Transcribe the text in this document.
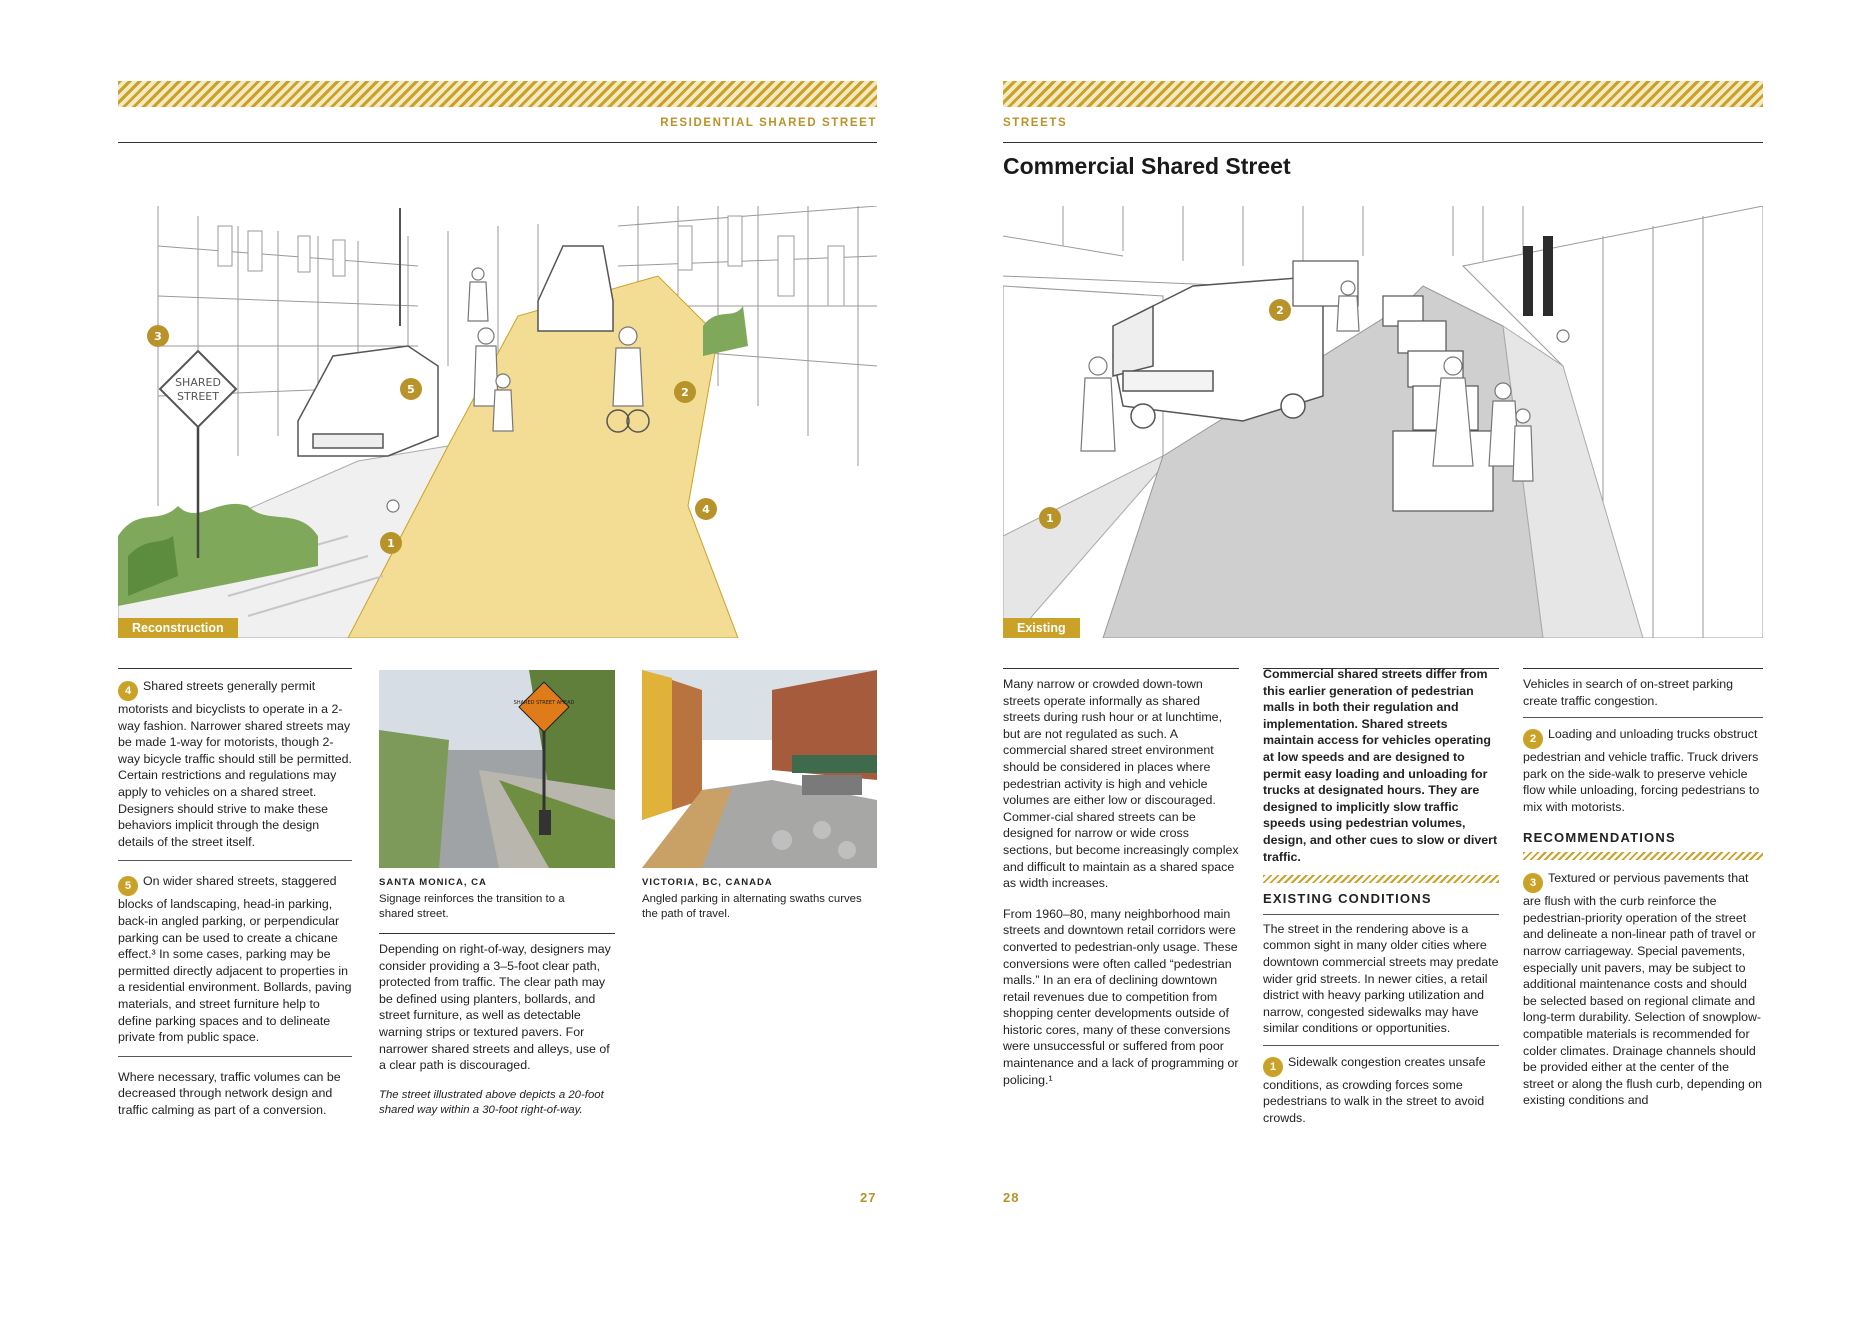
RESIDENTIAL SHARED STREET
SHARED
STREET
3
5	2
4
1
Reconstruction

4 Shared streets generally permit motorists and bicyclists to operate in a 2-way fashion. Narrower shared streets may be made 1-way for motorists, though 2-way bicycle traffic should still be permitted. Certain restrictions and regulations may apply to vehicles on a shared street. Designers should strive to make these behaviors implicit through the design details of the street itself.

5 On wider shared streets, staggered blocks of landscaping, head-in parking, back-in angled parking, or perpendicular parking can be used to create a chicane effect.³ In some cases, parking may be permitted directly adjacent to properties in a residential environment. Bollards, paving materials, and street furniture help to define parking spaces and to delineate private from public space.

Where necessary, traffic volumes can be decreased through network design and traffic calming as part of a conversion.

SHARED STREET AHEAD
SANTA MONICA, CA
Signage reinforces the transition to a shared street.
VICTORIA, BC, CANADA
Angled parking in alternating swaths curves the path of travel.

Depending on right-of-way, designers may consider providing a 3–5-foot clear path, protected from traffic. The clear path may be defined using planters, bollards, and street furniture, as well as detectable warning strips or textured pavers. For narrower shared streets and alleys, use of a clear path is discouraged.

The street illustrated above depicts a 20-foot shared way within a 30-foot right-of-way.

27
STREETS
Commercial Shared Street
2
1
Existing

Many narrow or crowded down-town streets operate informally as shared streets during rush hour or at lunchtime, but are not regulated as such. A commercial shared street environment should be considered in places where pedestrian activity is high and vehicle volumes are either low or discouraged. Commer-cial shared streets can be designed for narrow or wide cross sections, but become increasingly complex and difficult to maintain as a shared space as width increases.

From 1960–80, many neighborhood main streets and downtown retail corridors were converted to pedestrian-only usage. These conversions were often called “pedestrian malls.” In an era of declining downtown retail revenues due to competition from shopping center developments outside of historic cores, many of these conversions were unsuccessful or suffered from poor maintenance and a lack of programming or policing.¹

Commercial shared streets differ from this earlier generation of pedestrian malls in both their regulation and implementation. Shared streets maintain access for vehicles operating at low speeds and are designed to permit easy loading and unloading for trucks at designated hours. They are designed to implicitly slow traffic speeds using pedestrian volumes, design, and other cues to slow or divert traffic.

EXISTING CONDITIONS

The street in the rendering above is a common sight in many older cities where downtown commercial streets may predate wider grid streets. In newer cities, a retail district with heavy parking utilization and narrow, congested sidewalks may have similar conditions or opportunities.

1 Sidewalk congestion creates unsafe conditions, as crowding forces some pedestrians to walk in the street to avoid crowds.

Vehicles in search of on-street parking create traffic congestion.

2 Loading and unloading trucks obstruct pedestrian and vehicle traffic. Truck drivers park on the side-walk to preserve vehicle flow while unloading, forcing pedestrians to mix with motorists.

RECOMMENDATIONS

3 Textured or pervious pavements that are flush with the curb reinforce the pedestrian-priority operation of the street and delineate a non-linear path of travel or narrow carriageway. Special pavements, especially unit pavers, may be subject to additional maintenance costs and should be selected based on regional climate and long-term durability. Selection of snowplow-compatible materials is recommended for colder climates. Drainage channels should be provided either at the center of the street or along the flush curb, depending on existing conditions and

28
